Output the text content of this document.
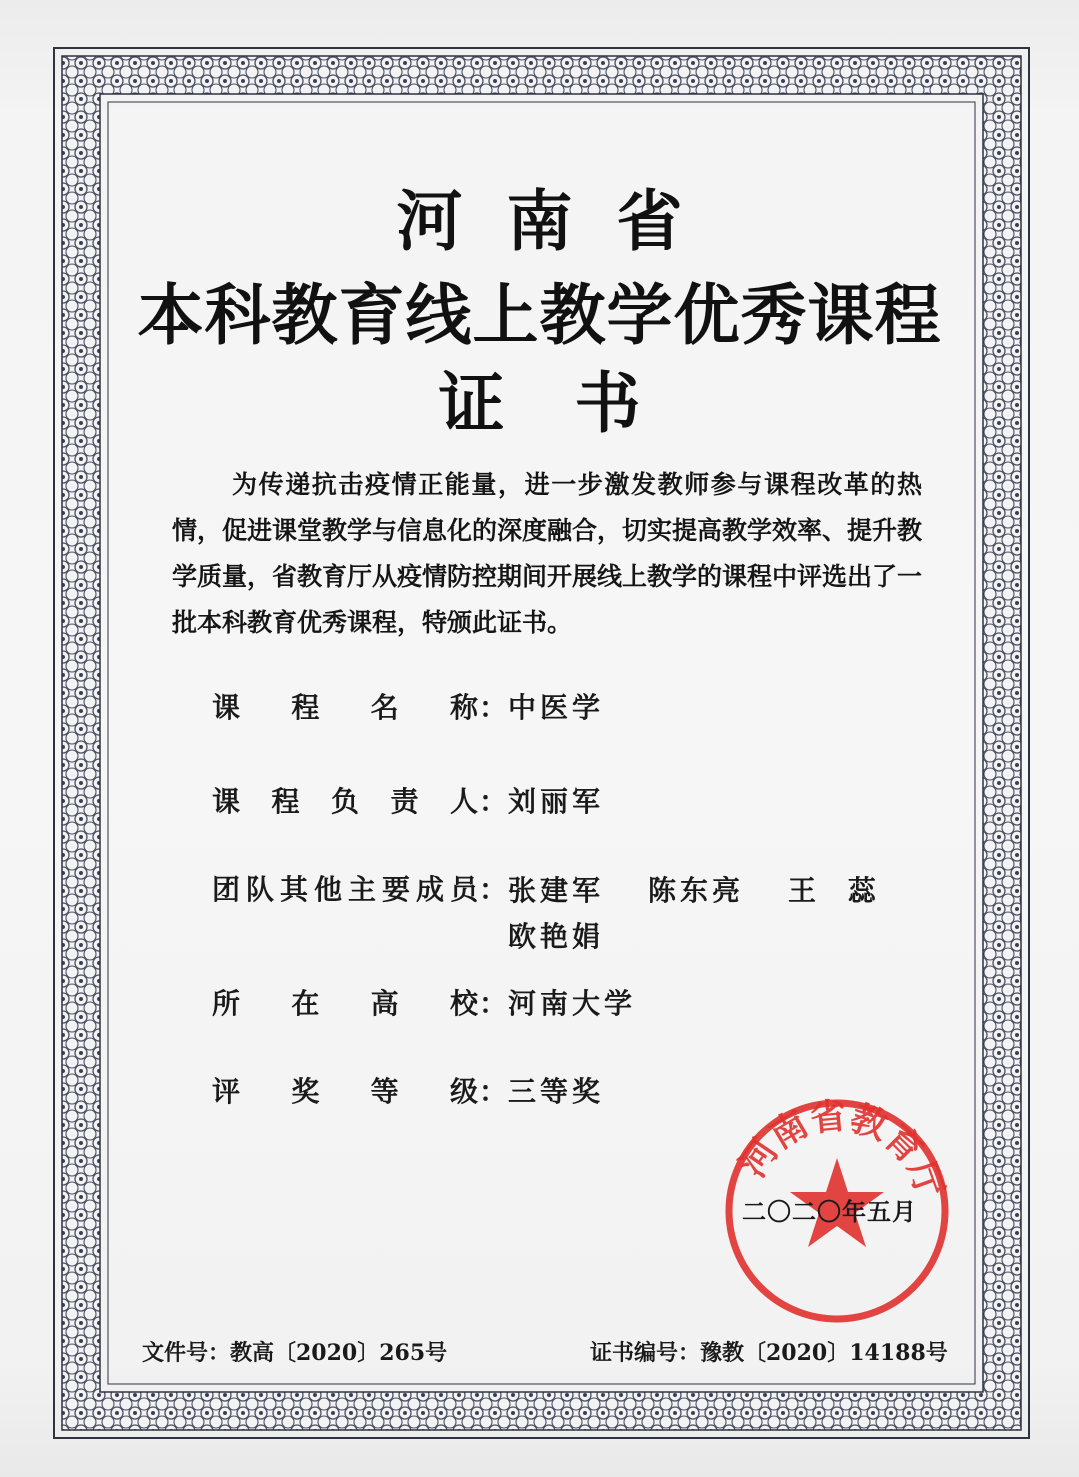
河南省
本科教育线上教学优秀课程
证书
为传递抗击疫情正能量，进一步激发教师参与课程改革的热情，促进课堂教学与信息化的深度融合，切实提高教学效率、提升教学质量，省教育厅从疫情防控期间开展线上教学的课程中评选出了一批本科教育优秀课程，特颁此证书。
课程名称：中医学
课程负责人：刘丽军
团队其他主要成员： 张建军 陈东亮 王 蕊
欧艳娟
所在高校：河南大学
评奖等级：三等奖
河南省教育厅
二〇二〇年五月
文件号：教高〔2020〕265号	证书编号：豫教〔2020〕14188号
